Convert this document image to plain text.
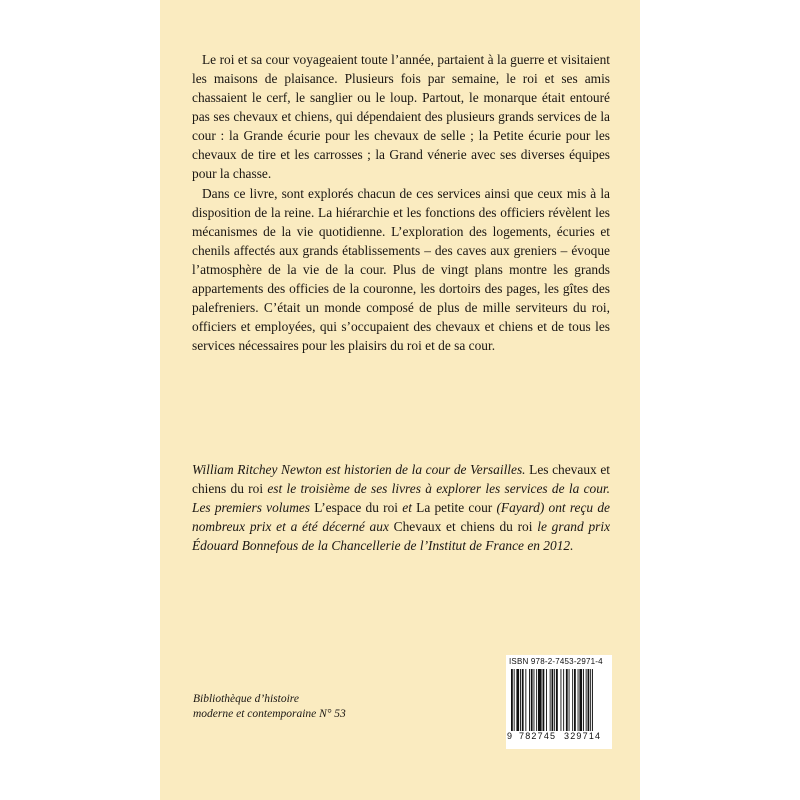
Le roi et sa cour voyageaient toute l’année, partaient à la guerre et visitaient les maisons de plaisance. Plusieurs fois par semaine, le roi et ses amis chassaient le cerf, le sanglier ou le loup. Partout, le monarque était entouré pas ses chevaux et chiens, qui dépendaient des plusieurs grands services de la cour : la Grande écurie pour les chevaux de selle ; la Petite écurie pour les chevaux de tire et les carrosses ; la Grand vénerie avec ses diverses équipes pour la chasse.

Dans ce livre, sont explorés chacun de ces services ainsi que ceux mis à la disposition de la reine. La hiérarchie et les fonctions des officiers révèlent les mécanismes de la vie quotidienne. L’exploration des logements, écuries et chenils affectés aux grands établissements – des caves aux greniers – évoque l’atmosphère de la vie de la cour. Plus de vingt plans montre les grands appartements des officies de la couronne, les dortoirs des pages, les gîtes des palefreniers. C’était un monde composé de plus de mille serviteurs du roi, officiers et employées, qui s’occupaient des chevaux et chiens et de tous les services nécessaires pour les plaisirs du roi et de sa cour.

William Ritchey Newton est historien de la cour de Versailles. Les chevaux et chiens du roi est le troisième de ses livres à explorer les services de la cour. Les premiers volumes L’espace du roi et La petite cour (Fayard) ont reçu de nombreux prix et a été décerné aux Chevaux et chiens du roi le grand prix Édouard Bonnefous de la Chancellerie de l’Institut de France en 2012.

Bibliothèque d’histoire
moderne et contemporaine N° 53
ISBN 978-2-7453-2971-4
9 782745 329714
